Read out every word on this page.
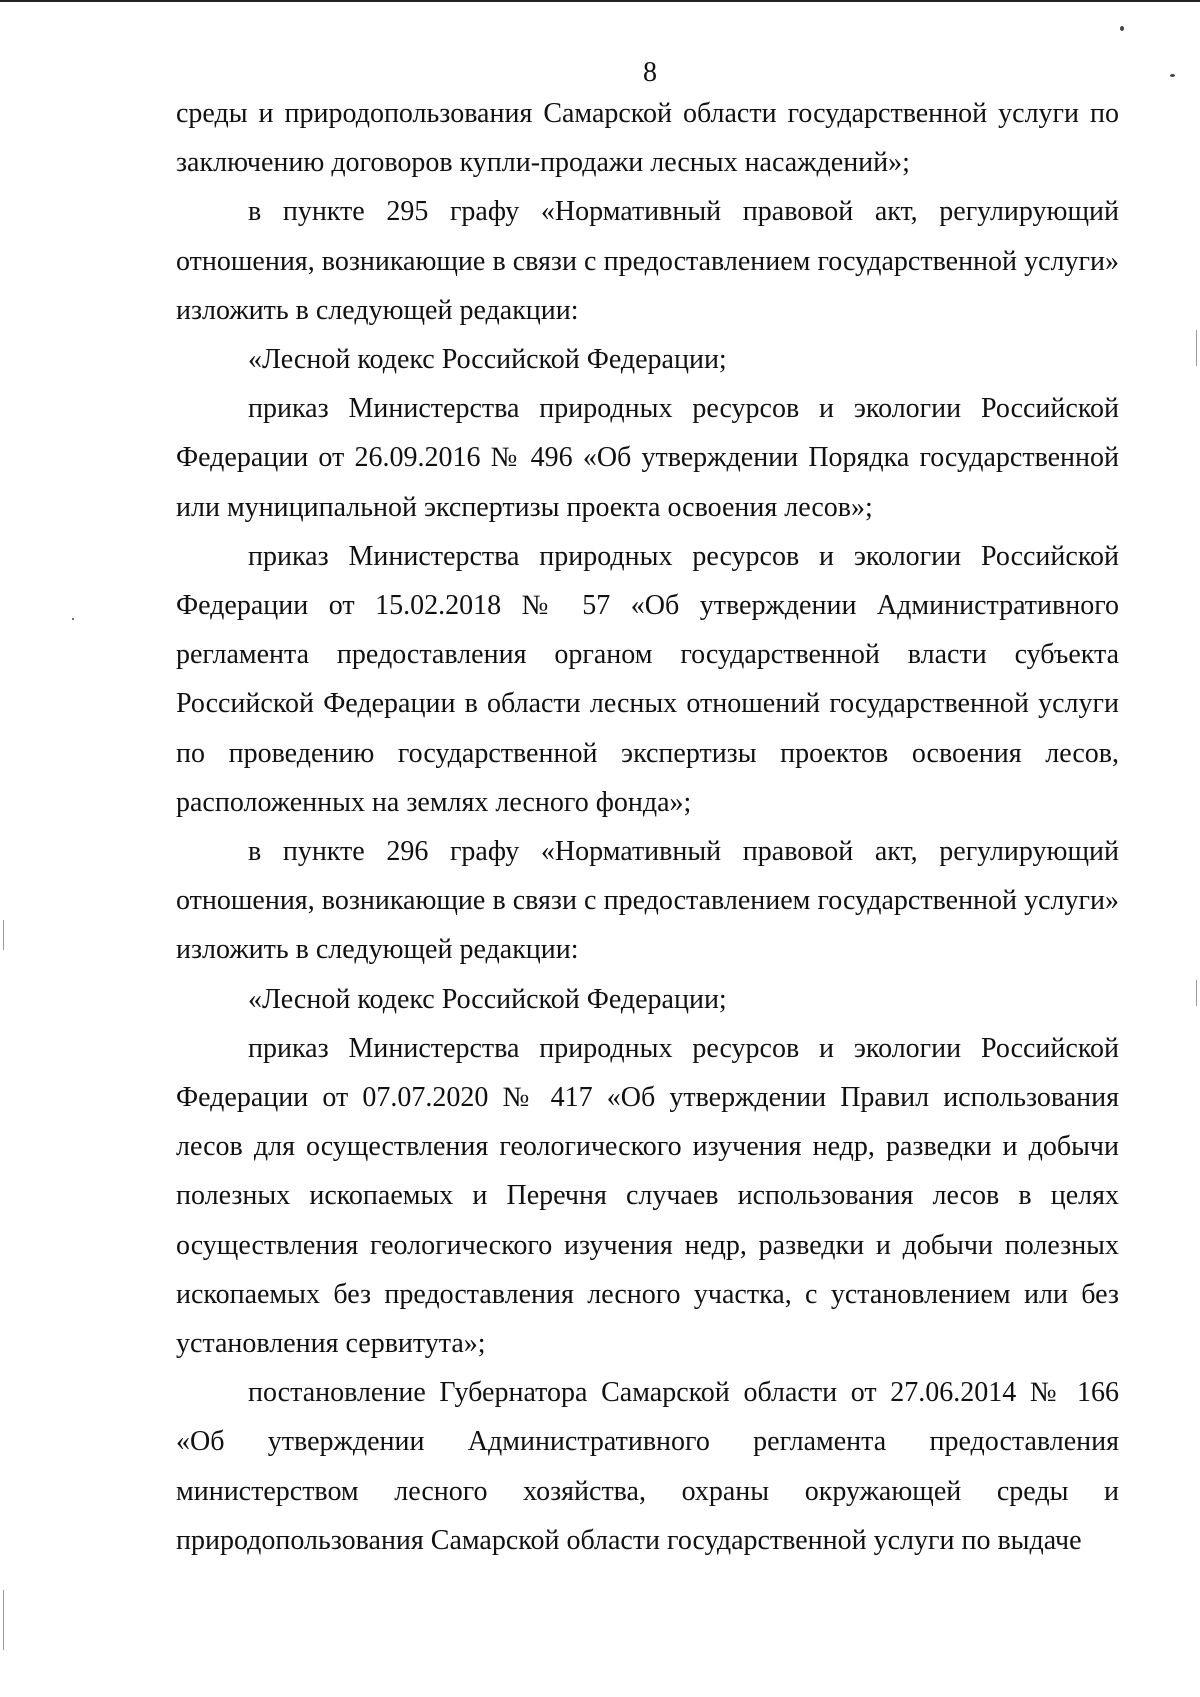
8

среды и природопользования Самарской области государственной услуги по заключению договоров купли-продажи лесных насаждений»;

в пункте 295 графу «Нормативный правовой акт, регулирующий отношения, возникающие в связи с предоставлением государственной услуги» изложить в следующей редакции:

«Лесной кодекс Российской Федерации;

приказ Министерства природных ресурсов и экологии Российской Федерации от 26.09.2016 № 496 «Об утверждении Порядка государственной или муниципальной экспертизы проекта освоения лесов»;

приказ Министерства природных ресурсов и экологии Российской Федерации от 15.02.2018 № 57 «Об утверждении Административного регламента предоставления органом государственной власти субъекта Российской Федерации в области лесных отношений государственной услуги по проведению государственной экспертизы проектов освоения лесов, расположенных на землях лесного фонда»;

в пункте 296 графу «Нормативный правовой акт, регулирующий отношения, возникающие в связи с предоставлением государственной услуги» изложить в следующей редакции:

«Лесной кодекс Российской Федерации;

приказ Министерства природных ресурсов и экологии Российской Федерации от 07.07.2020 № 417 «Об утверждении Правил использования лесов для осуществления геологического изучения недр, разведки и добычи полезных ископаемых и Перечня случаев использования лесов в целях осуществления геологического изучения недр, разведки и добычи полезных ископаемых без предоставления лесного участка, с установлением или без установления сервитута»;

постановление Губернатора Самарской области от 27.06.2014 № 166 «Об утверждении Административного регламента предоставления министерством лесного хозяйства, охраны окружающей среды и природопользования Самарской области государственной услуги по выдаче
